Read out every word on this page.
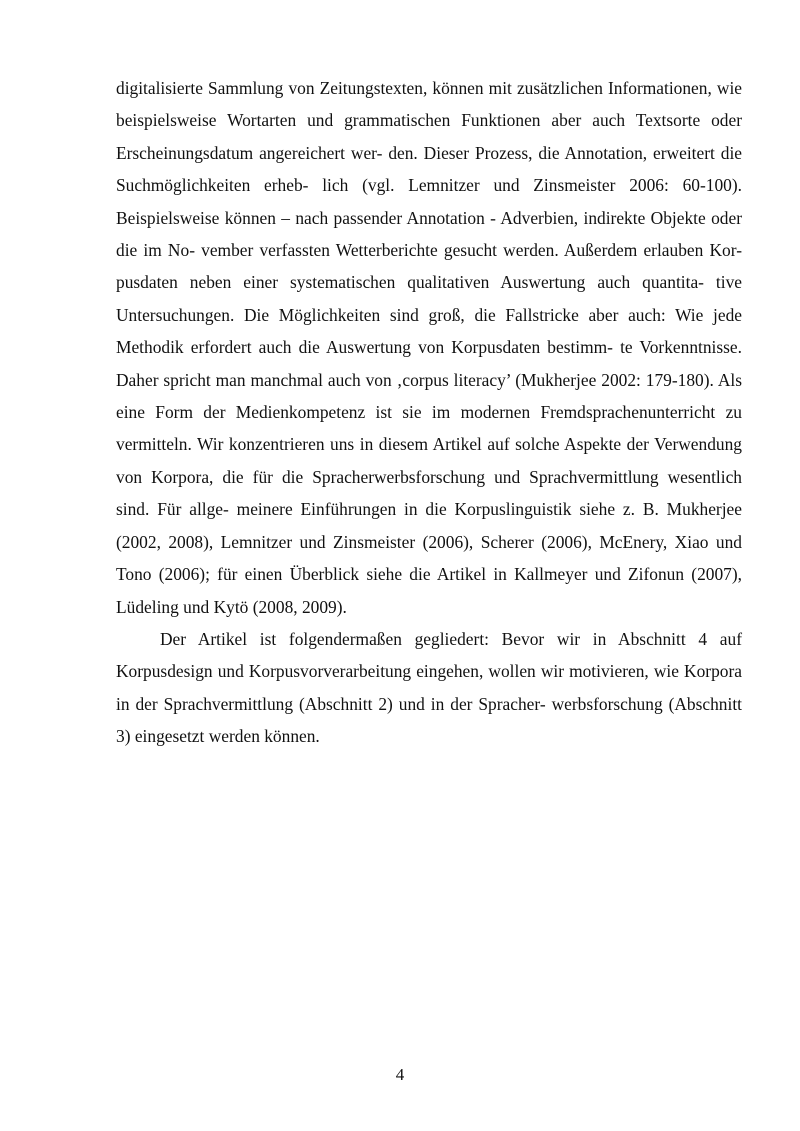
digitalisierte Sammlung von Zeitungstexten, können mit zusätzlichen Informationen, wie beispielsweise Wortarten und grammatischen Funktionen aber auch Textsorte oder Erscheinungsdatum angereichert wer- den. Dieser Prozess, die Annotation, erweitert die Suchmöglichkeiten erheb- lich (vgl. Lemnitzer und Zinsmeister 2006: 60-100). Beispielsweise können – nach passender Annotation - Adverbien, indirekte Objekte oder die im No- vember verfassten Wetterberichte gesucht werden. Außerdem erlauben Kor- pusdaten neben einer systematischen qualitativen Auswertung auch quantita- tive Untersuchungen. Die Möglichkeiten sind groß, die Fallstricke aber auch: Wie jede Methodik erfordert auch die Auswertung von Korpusdaten bestimm- te Vorkenntnisse. Daher spricht man manchmal auch von ‚corpus literacy’ (Mukherjee 2002: 179-180). Als eine Form der Medienkompetenz ist sie im modernen Fremdsprachenunterricht zu vermitteln. Wir konzentrieren uns in diesem Artikel auf solche Aspekte der Verwendung von Korpora, die für die Spracherwerbsforschung und Sprachvermittlung wesentlich sind. Für allge- meinere Einführungen in die Korpuslinguistik siehe z. B. Mukherjee (2002, 2008), Lemnitzer und Zinsmeister (2006), Scherer (2006), McEnery, Xiao und Tono (2006); für einen Überblick siehe die Artikel in Kallmeyer und Zifonun (2007), Lüdeling und Kytö (2008, 2009).

Der Artikel ist folgendermaßen gegliedert: Bevor wir in Abschnitt 4 auf Korpusdesign und Korpusvorverarbeitung eingehen, wollen wir motivieren, wie Korpora in der Sprachvermittlung (Abschnitt 2) und in der Spracher- werbsforschung (Abschnitt 3) eingesetzt werden können.

4
